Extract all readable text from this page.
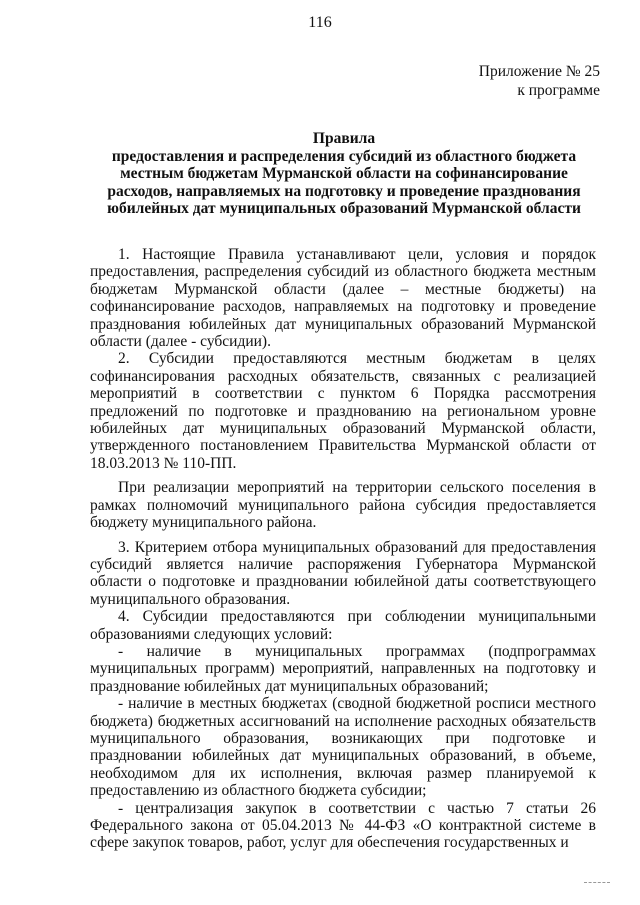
116
Приложение № 25
к программе
Правила
предоставления и распределения субсидий из областного бюджета
местным бюджетам Мурманской области на софинансирование
расходов, направляемых на подготовку и проведение празднования
юбилейных дат муниципальных образований Мурманской области

1. Настоящие Правила устанавливают цели, условия и порядок предоставления, распределения субсидий из областного бюджета местным бюджетам Мурманской области (далее – местные бюджеты) на софинансирование расходов, направляемых на подготовку и проведение празднования юбилейных дат муниципальных образований Мурманской области (далее - субсидии).

2. Субсидии предоставляются местным бюджетам в целях софинансирования расходных обязательств, связанных с реализацией мероприятий в соответствии с пунктом 6 Порядка рассмотрения предложений по подготовке и празднованию на региональном уровне юбилейных дат муниципальных образований Мурманской области, утвержденного постановлением Правительства Мурманской области от 18.03.2013 № 110-ПП.

При реализации мероприятий на территории сельского поселения в рамках полномочий муниципального района субсидия предоставляется бюджету муниципального района.

3. Критерием отбора муниципальных образований для предоставления субсидий является наличие распоряжения Губернатора Мурманской области о подготовке и праздновании юбилейной даты соответствующего муниципального образования.

4. Субсидии предоставляются при соблюдении муниципальными образованиями следующих условий:

- наличие в муниципальных программах (подпрограммах муниципальных программ) мероприятий, направленных на подготовку и празднование юбилейных дат муниципальных образований;

- наличие в местных бюджетах (сводной бюджетной росписи местного бюджета) бюджетных ассигнований на исполнение расходных обязательств муниципального образования, возникающих при подготовке и праздновании юбилейных дат муниципальных образований, в объеме, необходимом для их исполнения, включая размер планируемой к предоставлению из областного бюджета субсидии;

- централизация закупок в соответствии с частью 7 статьи 26 Федерального закона от 05.04.2013 № 44-ФЗ «О контрактной системе в сфере закупок товаров, работ, услуг для обеспечения государственных и
